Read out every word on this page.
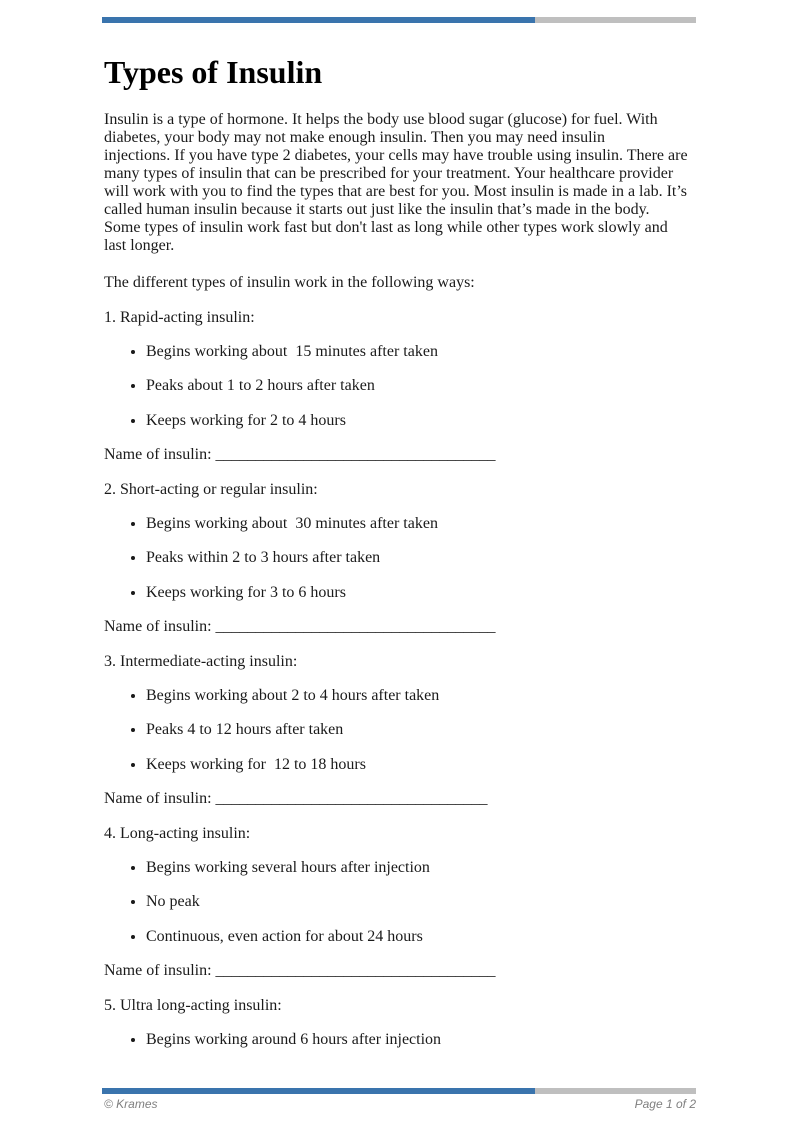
Types of Insulin
Insulin is a type of hormone. It helps the body use blood sugar (glucose) for fuel. With
diabetes, your body may not make enough insulin. Then you may need insulin
injections. If you have type 2 diabetes, your cells may have trouble using insulin. There are
many types of insulin that can be prescribed for your treatment. Your healthcare provider
will work with you to find the types that are best for you. Most insulin is made in a lab. It’s
called human insulin because it starts out just like the insulin that’s made in the body.
Some types of insulin work fast but don't last as long while other types work slowly and
last longer.

The different types of insulin work in the following ways:

1. Rapid-acting insulin:

• Begins working about  15 minutes after taken
• Peaks about 1 to 2 hours after taken
• Keeps working for 2 to 4 hours

Name of insulin: ___________________________________

2. Short-acting or regular insulin:

• Begins working about  30 minutes after taken
• Peaks within 2 to 3 hours after taken
• Keeps working for 3 to 6 hours

Name of insulin: ___________________________________

3. Intermediate-acting insulin:

• Begins working about 2 to 4 hours after taken
• Peaks 4 to 12 hours after taken
• Keeps working for  12 to 18 hours

Name of insulin: __________________________________

4. Long-acting insulin:

• Begins working several hours after injection
• No peak
• Continuous, even action for about 24 hours

Name of insulin: ___________________________________

5. Ultra long-acting insulin:

• Begins working around 6 hours after injection
© Krames	Page 1 of 2
